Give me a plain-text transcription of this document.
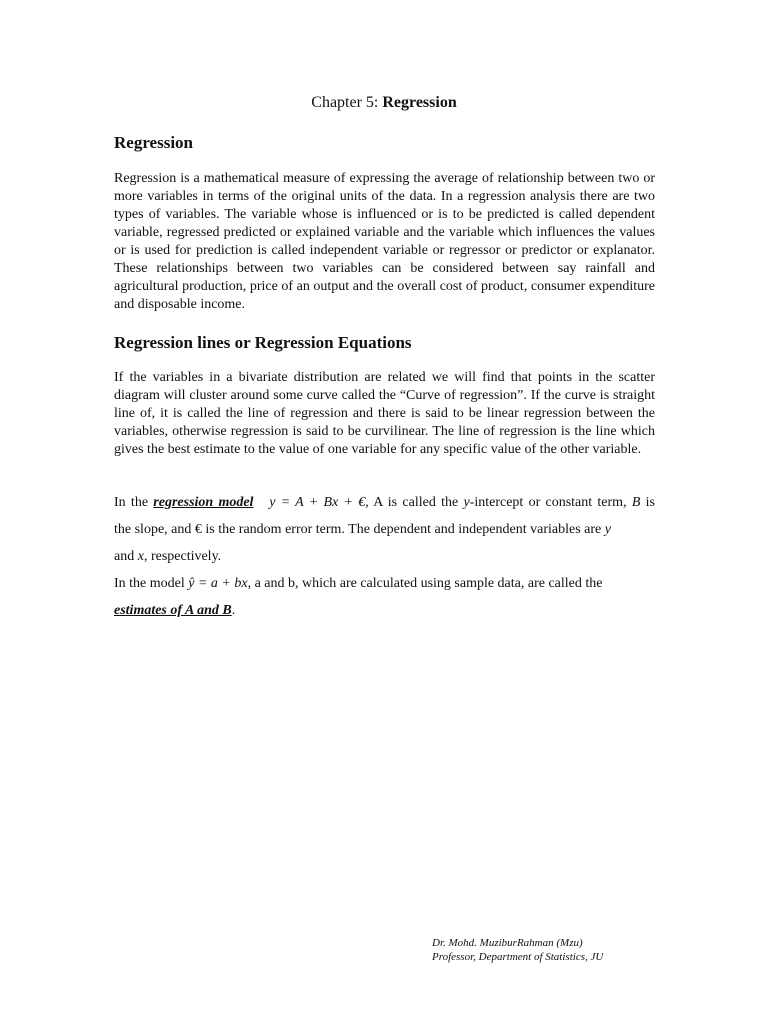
Chapter 5: Regression
Regression
Regression is a mathematical measure of expressing the average of relationship between two or more variables in terms of the original units of the data. In a regression analysis there are two types of variables. The variable whose is influenced or is to be predicted is called dependent variable, regressed predicted or explained variable and the variable which influences the values or is used for prediction is called independent variable or regressor or predictor or explanator. These relationships between two variables can be considered between say rainfall and agricultural production, price of an output and the overall cost of product, consumer expenditure and disposable income.
Regression lines or Regression Equations
If the variables in a bivariate distribution are related we will find that points in the scatter diagram will cluster around some curve called the “Curve of regression”. If the curve is straight line of, it is called the line of regression and there is said to be linear regression between the variables, otherwise regression is said to be curvilinear. The line of regression is the line which gives the best estimate to the value of one variable for any specific value of the other variable.
In the regression model y = A + Bx + €, A is called the y-intercept or constant term, B is
the slope, and € is the random error term. The dependent and independent variables are y
and x, respectively.
In the model ŷ = a + bx, a and b, which are calculated using sample data, are called the
estimates of A and B.
Dr. Mohd. MuziburRahman (Mzu)
Professor, Department of Statistics, JU
